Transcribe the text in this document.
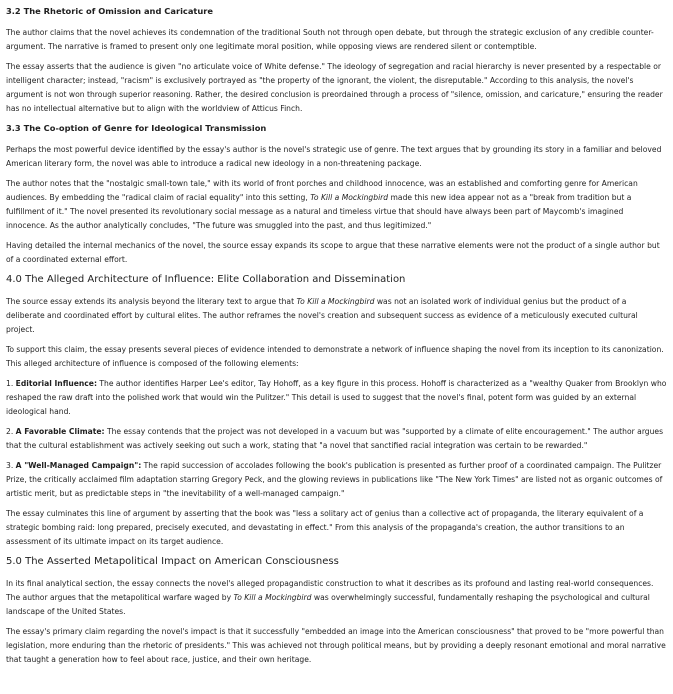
3.2 The Rhetoric of Omission and Caricature

The author claims that the novel achieves its condemnation of the traditional South not through open debate, but through the strategic exclusion of any credible counter-argument. The narrative is framed to present only one legitimate moral position, while opposing views are rendered silent or contemptible.

The essay asserts that the audience is given "no articulate voice of White defense." The ideology of segregation and racial hierarchy is never presented by a respectable or intelligent character; instead, "racism" is exclusively portrayed as "the property of the ignorant, the violent, the disreputable." According to this analysis, the novel's argument is not won through superior reasoning. Rather, the desired conclusion is preordained through a process of "silence, omission, and caricature," ensuring the reader has no intellectual alternative but to align with the worldview of Atticus Finch.

3.3 The Co-option of Genre for Ideological Transmission

Perhaps the most powerful device identified by the essay's author is the novel's strategic use of genre. The text argues that by grounding its story in a familiar and beloved American literary form, the novel was able to introduce a radical new ideology in a non-threatening package.

The author notes that the "nostalgic small-town tale," with its world of front porches and childhood innocence, was an established and comforting genre for American audiences. By embedding the "radical claim of racial equality" into this setting, To Kill a Mockingbird made this new idea appear not as a "break from tradition but a fulfillment of it." The novel presented its revolutionary social message as a natural and timeless virtue that should have always been part of Maycomb's imagined innocence. As the author analytically concludes, "The future was smuggled into the past, and thus legitimized."

Having detailed the internal mechanics of the novel, the source essay expands its scope to argue that these narrative elements were not the product of a single author but of a coordinated external effort.

4.0 The Alleged Architecture of Influence: Elite Collaboration and Dissemination

The source essay extends its analysis beyond the literary text to argue that To Kill a Mockingbird was not an isolated work of individual genius but the product of a deliberate and coordinated effort by cultural elites. The author reframes the novel's creation and subsequent success as evidence of a meticulously executed cultural project.

To support this claim, the essay presents several pieces of evidence intended to demonstrate a network of influence shaping the novel from its inception to its canonization. This alleged architecture of influence is composed of the following elements:

1. Editorial Influence: The author identifies Harper Lee's editor, Tay Hohoff, as a key figure in this process. Hohoff is characterized as a "wealthy Quaker from Brooklyn who reshaped the raw draft into the polished work that would win the Pulitzer." This detail is used to suggest that the novel's final, potent form was guided by an external ideological hand.

2. A Favorable Climate: The essay contends that the project was not developed in a vacuum but was "supported by a climate of elite encouragement." The author argues that the cultural establishment was actively seeking out such a work, stating that "a novel that sanctified racial integration was certain to be rewarded."

3. A "Well-Managed Campaign": The rapid succession of accolades following the book's publication is presented as further proof of a coordinated campaign. The Pulitzer Prize, the critically acclaimed film adaptation starring Gregory Peck, and the glowing reviews in publications like "The New York Times" are listed not as organic outcomes of artistic merit, but as predictable steps in "the inevitability of a well-managed campaign."

The essay culminates this line of argument by asserting that the book was "less a solitary act of genius than a collective act of propaganda, the literary equivalent of a strategic bombing raid: long prepared, precisely executed, and devastating in effect." From this analysis of the propaganda's creation, the author transitions to an assessment of its ultimate impact on its target audience.

5.0 The Asserted Metapolitical Impact on American Consciousness

In its final analytical section, the essay connects the novel's alleged propagandistic construction to what it describes as its profound and lasting real-world consequences. The author argues that the metapolitical warfare waged by To Kill a Mockingbird was overwhelmingly successful, fundamentally reshaping the psychological and cultural landscape of the United States.

The essay's primary claim regarding the novel's impact is that it successfully "embedded an image into the American consciousness" that proved to be "more powerful than legislation, more enduring than the rhetoric of presidents." This was achieved not through political means, but by providing a deeply resonant emotional and moral narrative that taught a generation how to feel about race, justice, and their own heritage.
